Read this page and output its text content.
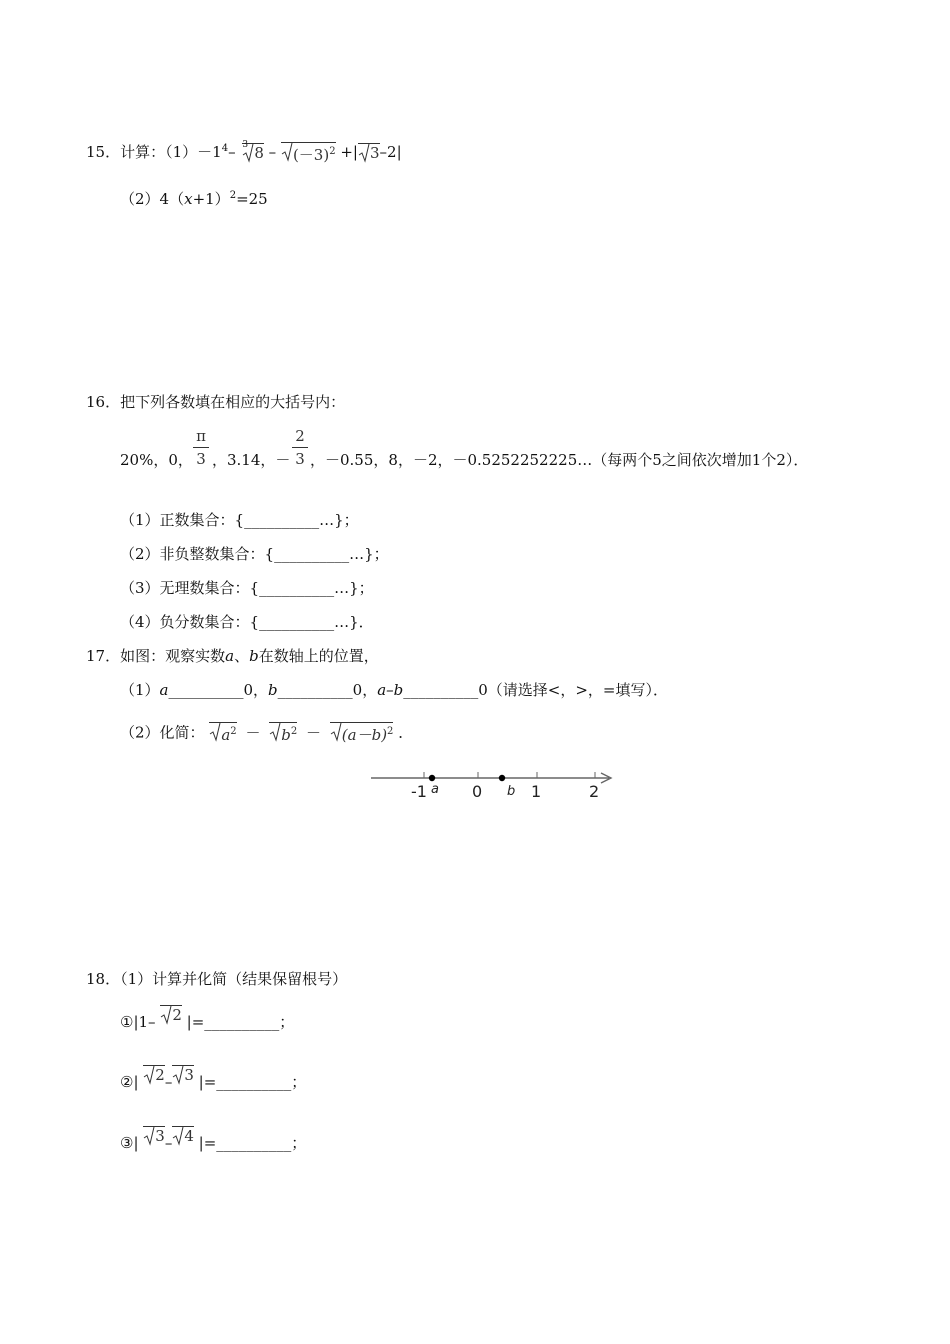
15．计算：$(1)-1^4-$ 3 $8 - (-3)^2$ +| 3–2|
$(2)4(x+1)^2=25$
16．把下列各数填在相应的大括号内：
π
3
2
3
20%，0， ，3.14，－ ，－0.55，8，－2，－0.5252252225…（每两个5之间依次增加1个2）．
（1）正数集合：{__________…}；
（2）非负整数集合：{__________…}；
（3）无理数集合：{__________…}；
（4）负分数集合：{__________…}．
17．如图：观察实数a、b在数轴上的位置，
（1）a__________0，b__________0，a–b__________0（请选择<，>，=填写）．
（2）化简： $a^2 - b^2 - (a-b)^2$ ．
-1 a 0 b 1	2
18．（1）计算并化简（结果保留根号）
①|1– 2 |=__________；
②| 2– 3 |=__________；
③| 3– 4 |=__________；
